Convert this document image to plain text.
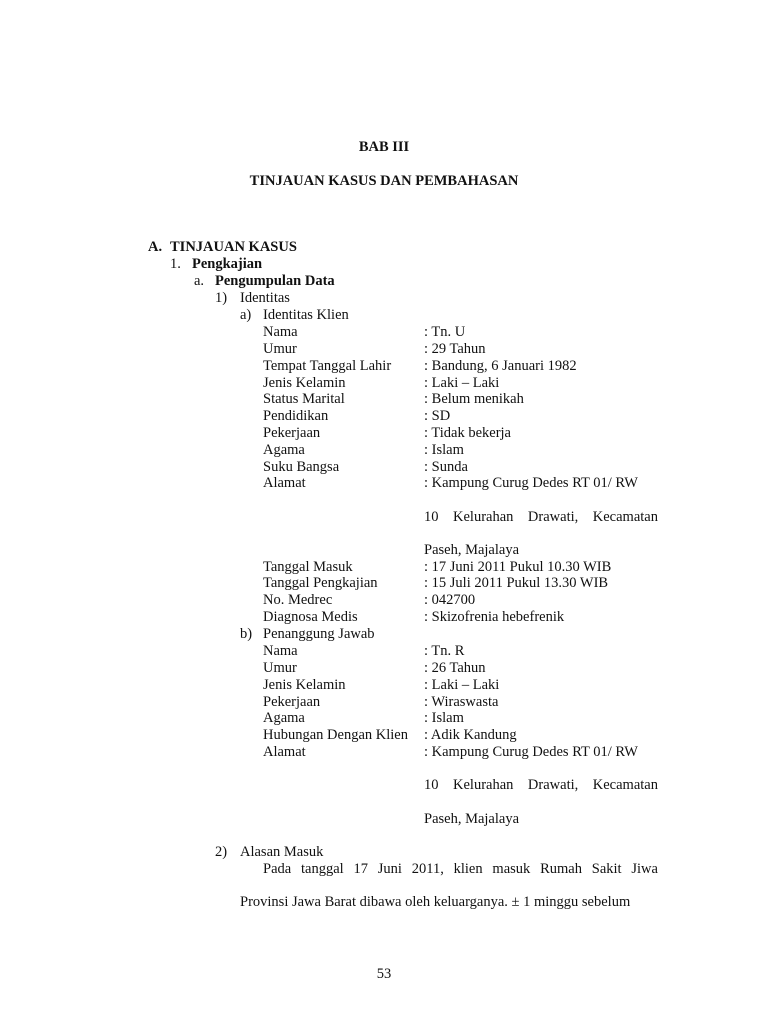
BAB III
TINJAUAN KASUS DAN PEMBAHASAN
A. TINJAUAN KASUS
1. Pengkajian
a. Pengumpulan Data
1) Identitas
a) Identitas Klien
Nama	: Tn. U
Umur	: 29 Tahun
Tempat Tanggal Lahir : Bandung, 6 Januari 1982
Jenis Kelamin	: Laki – Laki
Status Marital	: Belum menikah
Pendidikan	: SD
Pekerjaan	: Tidak bekerja
Agama	: Islam
Suku Bangsa	: Sunda
Alamat	: Kampung Curug Dedes RT 01/ RW
10 Kelurahan Drawati, Kecamatan
Paseh, Majalaya
Tanggal Masuk	: 17 Juni 2011 Pukul 10.30 WIB
Tanggal Pengkajian	: 15 Juli 2011 Pukul 13.30 WIB
No. Medrec	: 042700
Diagnosa Medis	: Skizofrenia hebefrenik
b) Penanggung Jawab
Nama	: Tn. R
Umur	: 26 Tahun
Jenis Kelamin	: Laki – Laki
Pekerjaan	: Wiraswasta
Agama	: Islam
Hubungan Dengan Klien : Adik Kandung
Alamat	: Kampung Curug Dedes RT 01/ RW
10 Kelurahan Drawati, Kecamatan
Paseh, Majalaya
2) Alasan Masuk
Pada tanggal 17 Juni 2011, klien masuk Rumah Sakit Jiwa
Provinsi Jawa Barat dibawa oleh keluarganya. ± 1 minggu sebelum
53
